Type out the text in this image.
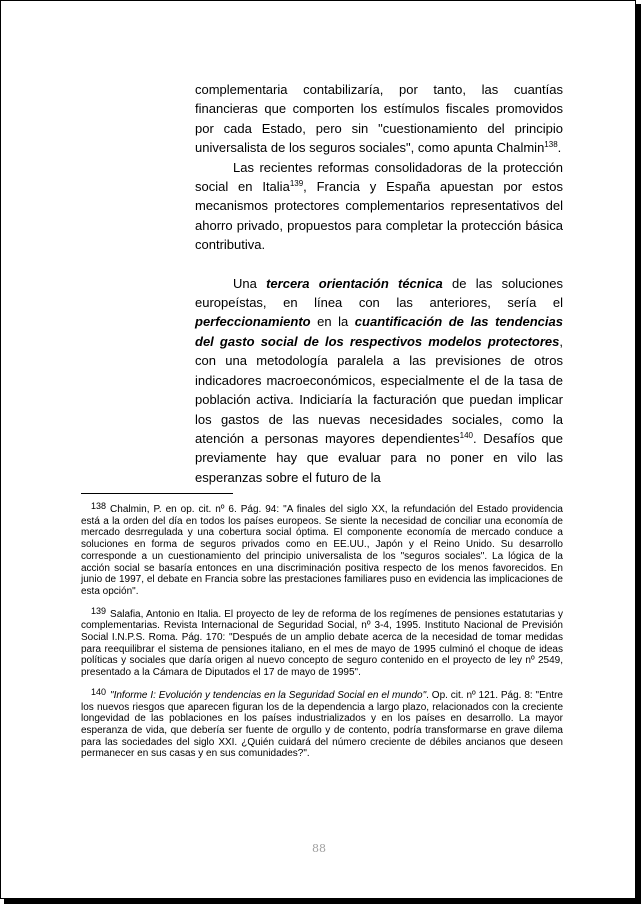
complementaria contabilizaría, por tanto, las cuantías financieras que comporten los estímulos fiscales promovidos por cada Estado, pero sin "cuestionamiento del principio universalista de los seguros sociales", como apunta Chalmin$^{138}$.

Las recientes reformas consolidadoras de la protección social en Italia$^{139}$, Francia y España apuestan por estos mecanismos protectores complementarios representativos del ahorro privado, propuestos para completar la protección básica contributiva.

Una tercera orientación técnica de las soluciones europeístas, en línea con las anteriores, sería el perfeccionamiento en la cuantificación de las tendencias del gasto social de los respectivos modelos protectores, con una metodología paralela a las previsiones de otros indicadores macroeconómicos, especialmente el de la tasa de población activa. Indiciaría la facturación que puedan implicar los gastos de las nuevas necesidades sociales, como la atención a personas mayores dependientes$^{140}$. Desafíos que previamente hay que evaluar para no poner en vilo las esperanzas sobre el futuro de la

138 Chalmin, P. en op. cit. nº 6. Pág. 94: "A finales del siglo XX, la refundación del Estado providencia está a la orden del día en todos los países europeos. Se siente la necesidad de conciliar una economía de mercado desrregulada y una cobertura social óptima. El componente economía de mercado conduce a soluciones en forma de seguros privados como en EE.UU., Japón y el Reino Unido. Su desarrollo corresponde a un cuestionamiento del principio universalista de los "seguros sociales". La lógica de la acción social se basaría entonces en una discriminación positiva respecto de los menos favorecidos. En junio de 1997, el debate en Francia sobre las prestaciones familiares puso en evidencia las implicaciones de esta opción".

139 Salafia, Antonio en Italia. El proyecto de ley de reforma de los regímenes de pensiones estatutarias y complementarias. Revista Internacional de Seguridad Social, nº 3-4, 1995. Instituto Nacional de Previsión Social I.N.P.S. Roma. Pág. 170: "Después de un amplio debate acerca de la necesidad de tomar medidas para reequilibrar el sistema de pensiones italiano, en el mes de mayo de 1995 culminó el choque de ideas políticas y sociales que daría origen al nuevo concepto de seguro contenido en el proyecto de ley nº 2549, presentado a la Cámara de Diputados el 17 de mayo de 1995".

140 "Informe I: Evolución y tendencias en la Seguridad Social en el mundo". Op. cit. nº 121. Pág. 8: "Entre los nuevos riesgos que aparecen figuran los de la dependencia a largo plazo, relacionados con la creciente longevidad de las poblaciones en los países industrializados y en los países en desarrollo. La mayor esperanza de vida, que debería ser fuente de orgullo y de contento, podría transformarse en grave dilema para las sociedades del siglo XXI. ¿Quién cuidará del número creciente de débiles ancianos que deseen permanecer en sus casas y en sus comunidades?".

88
